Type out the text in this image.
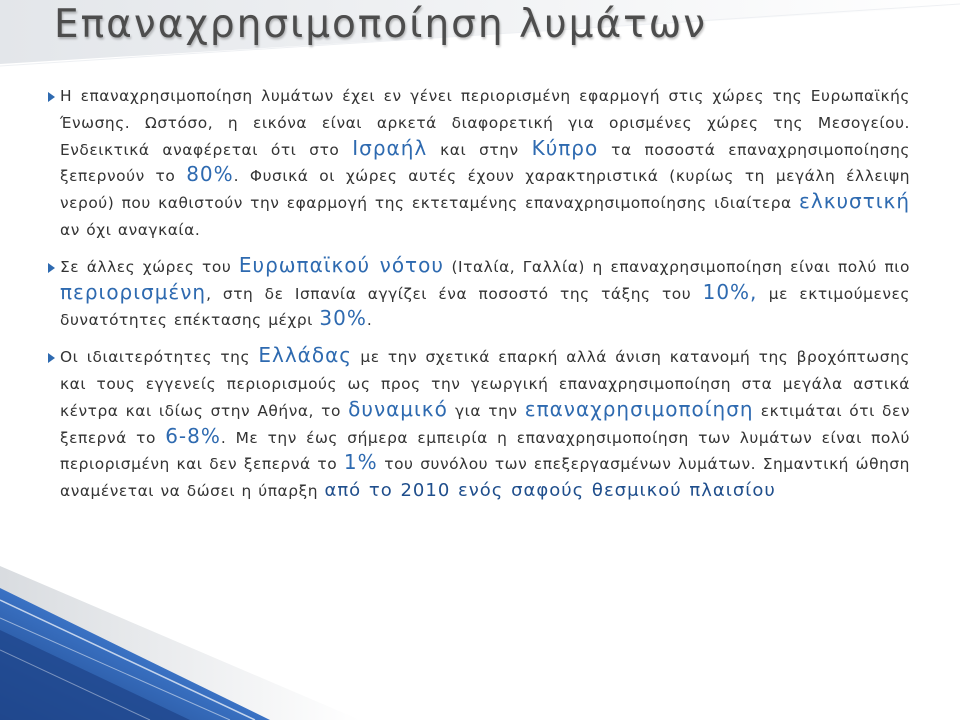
Επαναχρησιμοποίηση λυμάτων
Η επαναχρησιμοποίηση λυμάτων έχει εν γένει περιορισμένη εφαρμογή στις χώρες της Ευρωπαϊκής Ένωσης. Ωστόσο, η εικόνα είναι αρκετά διαφορετική για ορισμένες χώρες της Μεσογείου. Ενδεικτικά αναφέρεται ότι στο Ισραήλ και στην Κύπρο τα ποσοστά επαναχρησιμοποίησης ξεπερνούν το 80%. Φυσικά οι χώρες αυτές έχουν χαρακτηριστικά (κυρίως τη μεγάλη έλλειψη νερού) που καθιστούν την εφαρμογή της εκτεταμένης επαναχρησιμοποίησης ιδιαίτερα ελκυστική αν όχι αναγκαία.
Σε άλλες χώρες του Ευρωπαϊκού νότου (Ιταλία, Γαλλία) η επαναχρησιμοποίηση είναι πολύ πιο περιορισμένη, στη δε Ισπανία αγγίζει ένα ποσοστό της τάξης του 10%, με εκτιμούμενες δυνατότητες επέκτασης μέχρι 30%.
Οι ιδιαιτερότητες της Ελλάδας με την σχετικά επαρκή αλλά άνιση κατανομή της βροχόπτωσης και τους εγγενείς περιορισμούς ως προς την γεωργική επαναχρησιμοποίηση στα μεγάλα αστικά κέντρα και ιδίως στην Αθήνα, το δυναμικό για την επαναχρησιμοποίηση εκτιμάται ότι δεν ξεπερνά το 6-8%. Με την έως σήμερα εμπειρία η επαναχρησιμοποίηση των λυμάτων είναι πολύ περιορισμένη και δεν ξεπερνά το 1% του συνόλου των επεξεργασμένων λυμάτων. Σημαντική ώθηση αναμένεται να δώσει η ύπαρξη από το 2010 ενός σαφούς θεσμικού πλαισίου
